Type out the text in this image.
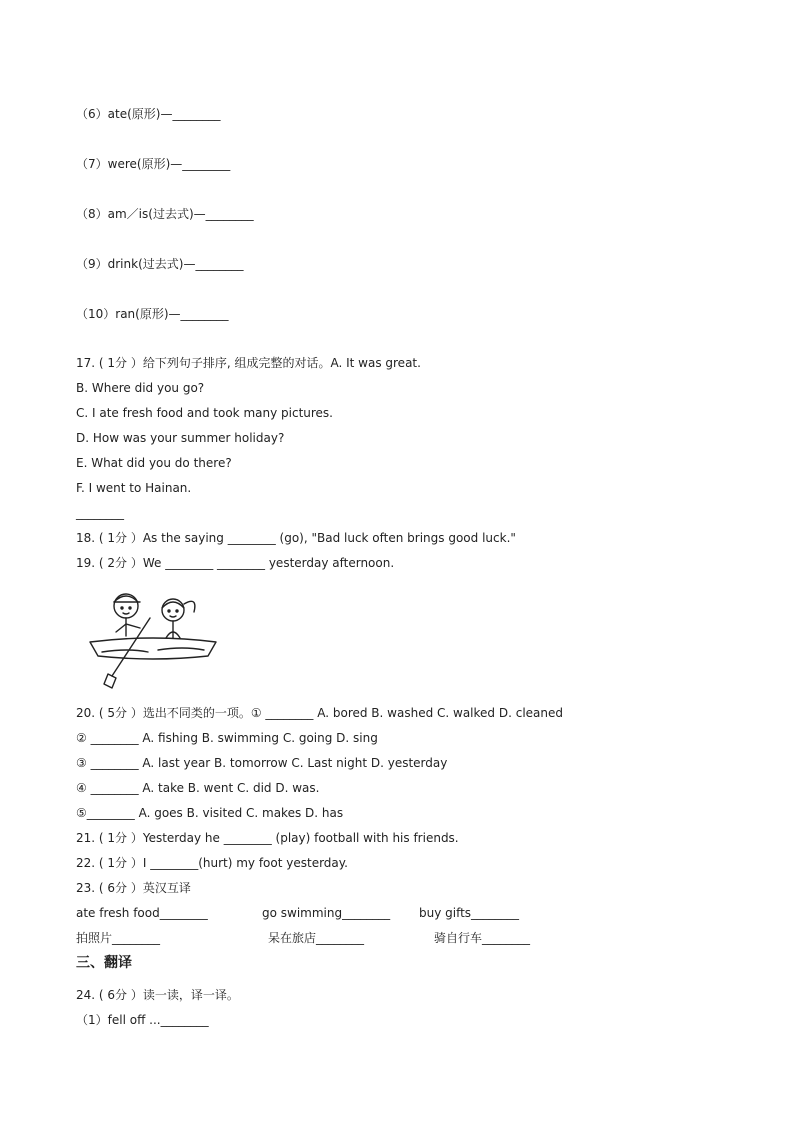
（6）ate(原形)—________
（7）were(原形)—________
（8）am／is(过去式)—________
（9）drink(过去式)—________
（10）ran(原形)—________
17. ( 1分 ）给下列句子排序, 组成完整的对话。A. It was great.
B. Where did you go?
C. I ate fresh food and took many pictures.
D. How was your summer holiday?
E. What did you do there?
F. I went to Hainan.
________
18. ( 1分 ）As the saying ________ (go), "Bad luck often brings good luck."
19. ( 2分 ）We ________ ________ yesterday afternoon.
20. ( 5分 ）选出不同类的一项。① ________ A. bored B. washed C. walked D. cleaned
② ________ A. fishing B. swimming C. going D. sing
③ ________ A. last year B. tomorrow C. Last night D. yesterday
④ ________ A. take B. went C. did D. was.
⑤________ A. goes B. visited C. makes D. has
21. ( 1分 ）Yesterday he ________ (play) football with his friends.
22. ( 1分 ）I ________(hurt) my foot yesterday.
23. ( 6分 ）英汉互译
ate fresh food________	go swimming________ buy gifts________
拍照片________	呆在旅店________	骑自行车________
三、翻译
24. ( 6分 ）读一读，译一译。
（1）fell off ...________
